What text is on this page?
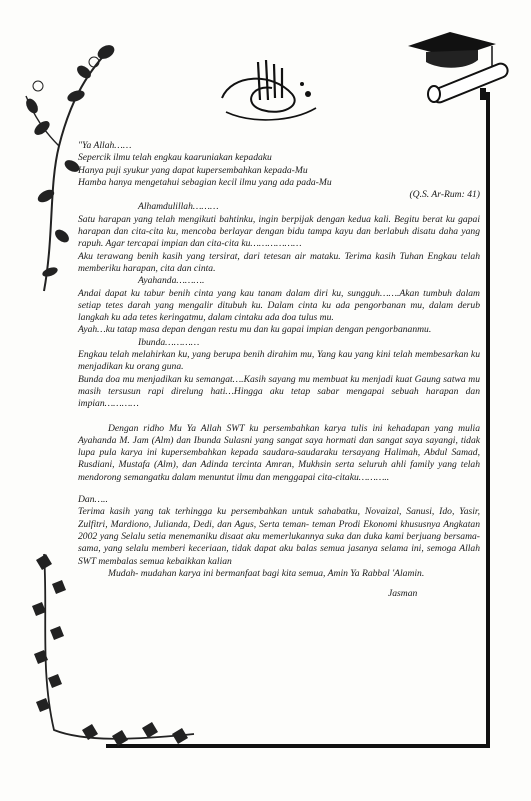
"Ya Allah……

Sepercik ilmu telah engkau kaaruniakan kepadaku

Hanya puji syukur yang dapat kupersembahkan kepada-Mu

Hamba hanya mengetahui sebagian kecil ilmu yang ada pada-Mu

(Q.S. Ar-Rum: 41)

Alhamdulillah………

Satu harapan yang telah mengikuti bahtinku, ingin berpijak dengan kedua kali. Begitu berat ku gapai harapan dan cita-cita ku, mencoba berlayar dengan bidu tampa kayu dan berlabuh disatu daha yang rapuh. Agar tercapai impian dan cita-cita ku………………

Aku terawang benih kasih yang tersirat, dari tetesan air mataku. Terima kasih Tuhan Engkau telah memberiku harapan, cita dan cinta.

Ayahanda……….

Andai dapat ku tabur benih cinta yang kau tanam dalam diri ku, sungguh…….Akan tumbuh dalam setiap tetes darah yang mengalir ditubuh ku. Dalam cinta ku ada pengorbanan mu, dalam derub langkah ku ada tetes keringatmu, dalam cintaku ada doa tulus mu.

Ayah…ku tatap masa depan dengan restu mu dan ku gapai impian dengan pengorbananmu.

Ibunda…………

Engkau telah melahirkan ku, yang berupa benih dirahim mu, Yang kau yang kini telah membesarkan ku menjadikan ku orang guna.

Bunda doa mu menjadikan ku semangat….Kasih sayang mu membuat ku menjadi kuat Gaung satwa mu masih tersusun rapi direlung hati…Hingga aku tetap sabar mengapai sebuah harapan dan impian…………

Dengan ridho Mu Ya Allah SWT ku persembahkan karya tulis ini kehadapan yang mulia Ayahanda M. Jam (Alm) dan Ibunda Sulasni yang sangat saya hormati dan sangat saya sayangi, tidak lupa pula karya ini kupersembahkan kepada saudara-saudaraku tersayang Halimah, Abdul Samad, Rusdiani, Mustafa (Alm), dan Adinda tercinta Amran, Mukhsin serta seluruh ahli family yang telah mendorong semangatku dalam menuntut ilmu dan menggapai cita-citaku………..

Dan…..

Terima kasih yang tak terhingga ku persembahkan untuk sahabatku, Novaizal, Sanusi, Ido, Yasir, Zulfitri, Mardiono, Julianda, Dedi, dan Agus, Serta teman- teman Prodi Ekonomi khususnya Angkatan 2002 yang Selalu setia menemaniku disaat aku memerlukannya suka dan duka kami berjuang bersama-sama, yang selalu memberi keceriaan, tidak dapat aku balas semua jasanya selama ini, semoga Allah SWT membalas semua kebaikkan kalian

Mudah- mudahan karya ini bermanfaat bagi kita semua, Amin Ya Rabbal 'Alamin.

Jasman
